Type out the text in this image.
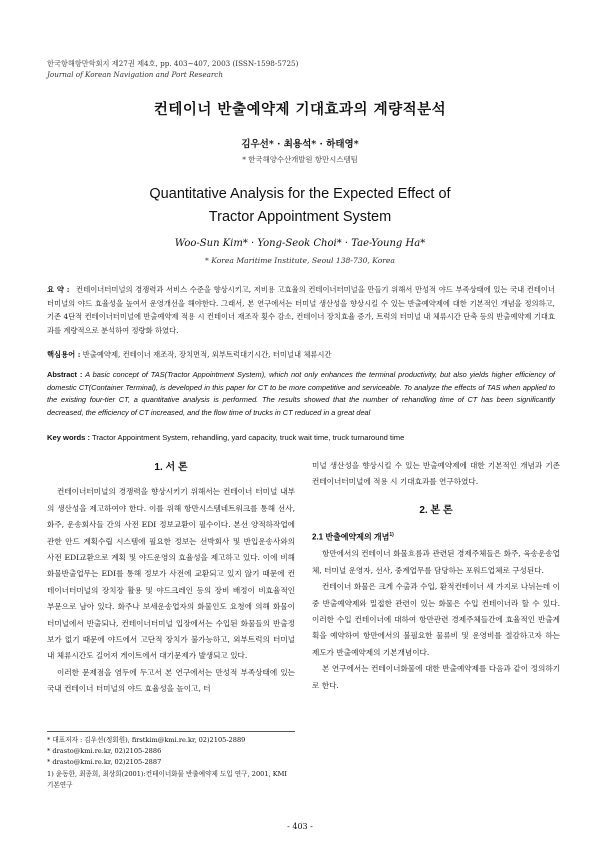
한국항해항만학회지 제27권 제4호, pp. 403~407, 2003 (ISSN-1598-5725)
Journal of Korean Navigation and Port Research
컨테이너 반출예약제 기대효과의 계량적분석
김우선* · 최용석* · 하태영*
* 한국해양수산개발원 항만시스템팀
Quantitative Analysis for the Expected Effect of
Tractor Appointment System
Woo-Sun Kim* · Yong-Seok Choi* · Tae-Young Ha*
* Korea Maritime Institute, Seoul 138-730, Korea
요 약 : 컨테이너터미널의 경쟁력과 서비스 수준을 향상시키고, 저비용 고효율의 컨테이너터미널을 만들기 위해서 만성적 야드 부족상태에 있는 국내 컨테이너 터미널의 야드 효율성을 높여서 운영개선을 해야한다. 그래서, 본 연구에서는 터미널 생산성을 향상시킬 수 있는 반출예약제에 대한 기본적인 개념을 정의하고, 기존 4단적 컨테이너터미널에 반출예약제 적용 시 컨테이너 재조작 횟수 감소, 컨테이너 장치효율 증가, 트럭의 터미널 내 체류시간 단축 등의 반출예약제 기대효과를 계량적으로 분석하여 정량화 하였다.
핵심용어 : 반출예약제, 컨테이너 재조작, 장치면적, 외부트럭대기시간, 터미널내 체류시간
Abstract : A basic concept of TAS(Tractor Appointment System), which not only enhances the terminal productivity, but also yields higher efficiency of domestic CT(Container Terminal), is developed in this paper for CT to be more competitive and serviceable. To analyze the effects of TAS when applied to the existing four-tier CT, a quantitative analysis is performed. The results showed that the number of rehandling time of CT has been significantly decreased, the efficiency of CT increased, and the flow time of trucks in CT reduced in a great deal
Key words : Tractor Appointment System, rehandling, yard capacity, truck wait time, truck turnaround time
1. 서 론

컨테이너터미널의 경쟁력을 향상시키기 위해서는 컨테이너 터미널 내부의 생산성을 제고하여야 한다. 이를 위해 항만시스템네트워크를 통해 선사, 화주, 운송회사들 간의 사전 EDI 정보교환이 필수이다. 본선 양적하작업에 관한 안드 계획수립 시스템에 필요한 정보는 선박회사 및 반입운송사와의 사전 EDI교환으로 계획 및 야드운영의 효율성을 제고하고 있다. 이에 비해 화물반출업무는 EDI를 통해 정보가 사전에 교환되고 있지 않기 때문에 컨테이너터미널의 장치장 활용 및 야드크레인 등의 장비 배정이 비효율적인 부문으로 남아 있다. 화주나 보세운송업자의 화물인도 요청에 의해 화물이 터미널에서 반출되나, 컨테이너터미널 입장에서는 수입된 화물들의 반출정보가 없기 때문에 야드에서 고단적 장치가 불가능하고, 외부트럭의 터미널 내 체류시간도 길어져 게이트에서 대기문제가 발생되고 있다.

이러한 문제점을 염두에 두고서 본 연구에서는 만성적 부족상태에 있는 국내 컨테이너 터미널의 야드 효율성을 높이고, 터

미널 생산성을 향상시킬 수 있는 반출예약제에 대한 기본적인 개념과 기존 컨테이너터미널에 적용 시 기대효과를 연구하였다.

2. 본 론
2.1 반출예약제의 개념$^{1)}$

항만에서의 컨테이너 화물흐름과 관련된 경제주체들은 화주, 육송운송업체, 터미널 운영자, 선사, 중계업무를 담당하는 포워드업체로 구성된다.

컨테이너 화물은 크게 수출과 수입, 환적컨테이너 세 가지로 나뉘는데 이중 반출예약제와 밀접한 관련이 있는 화물은 수입 컨테이너라 할 수 있다. 이러한 수입 컨테이너에 대하여 항만관련 경제주체들간에 효율적인 반출계획을 예약하여 항만에서의 불필요한 물류비 및 운영비를 절감하고자 하는 제도가 반출예약제의 기본개념이다.

본 연구에서는 컨테이너화물에 대한 반출예약제를 다음과 같이 정의하기로 한다.

* 대표저자 : 김우선(정회원), firstkim@kmi.re.kr, 02)2105-2889
* drasto@kmi.re.kr, 02)2105-2886
* drasto@kmi.re.kr, 02)2105-2887
1) 윤동한, 최종희, 최상희(2001):컨테이너화물 반출예약제 도입 연구, 2001, KMI 기본연구
- 403 -
